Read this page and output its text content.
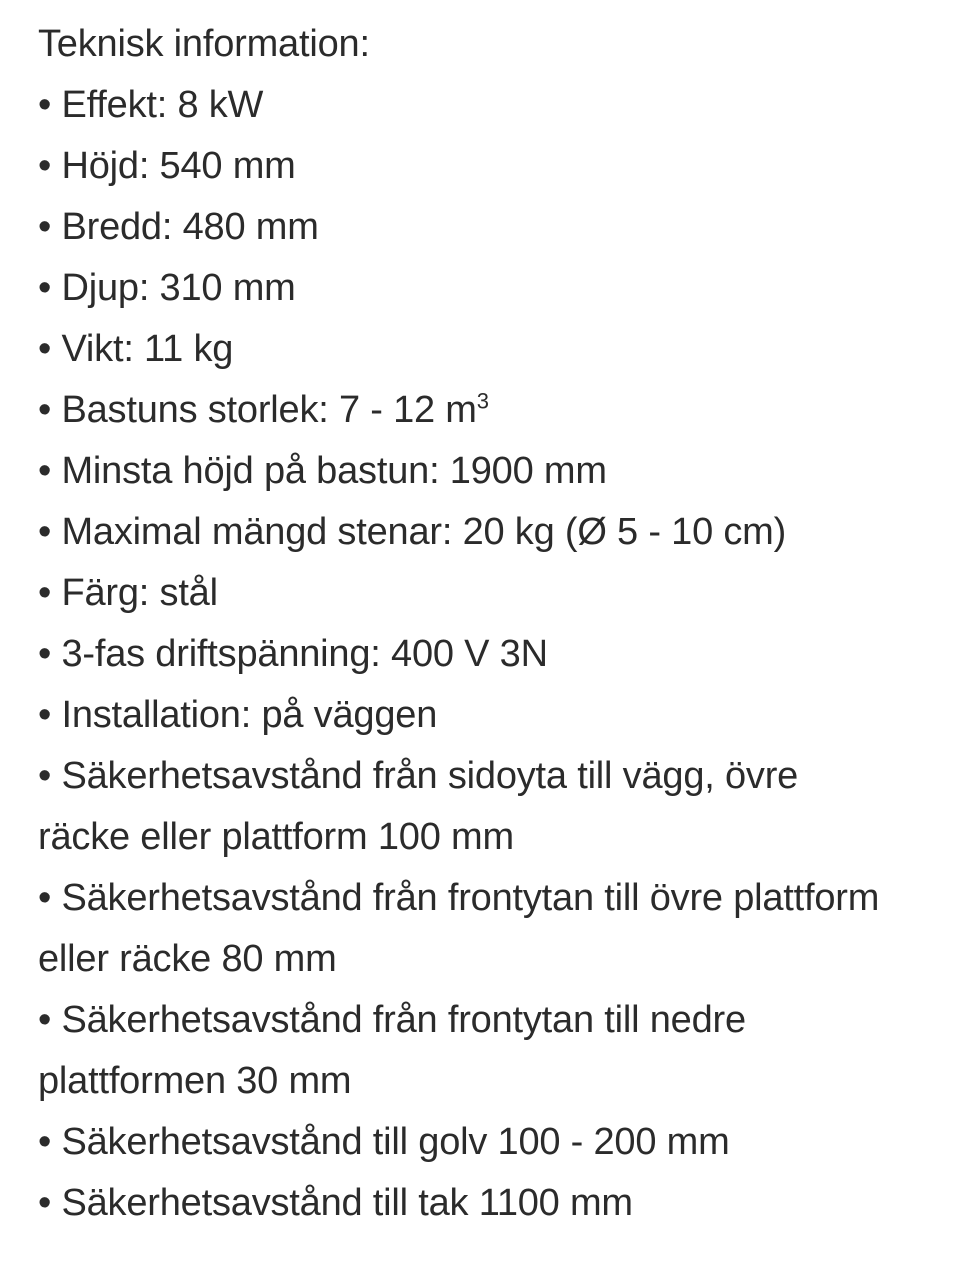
Teknisk information:
• Effekt: 8 kW
• Höjd: 540 mm
• Bredd: 480 mm
• Djup: 310 mm
• Vikt: 11 kg
• Bastuns storlek: 7 - 12 $m^3$
• Minsta höjd på bastun: 1900 mm
• Maximal mängd stenar: 20 kg (Ø 5 - 10 cm)
• Färg: stål
• 3-fas driftspänning: 400 V 3N
• Installation: på väggen
• Säkerhetsavstånd från sidoyta till vägg, övre räcke eller plattform 100 mm
• Säkerhetsavstånd från frontytan till övre plattform eller räcke 80 mm
• Säkerhetsavstånd från frontytan till nedre plattformen 30 mm
• Säkerhetsavstånd till golv 100 - 200 mm
• Säkerhetsavstånd till tak 1100 mm
